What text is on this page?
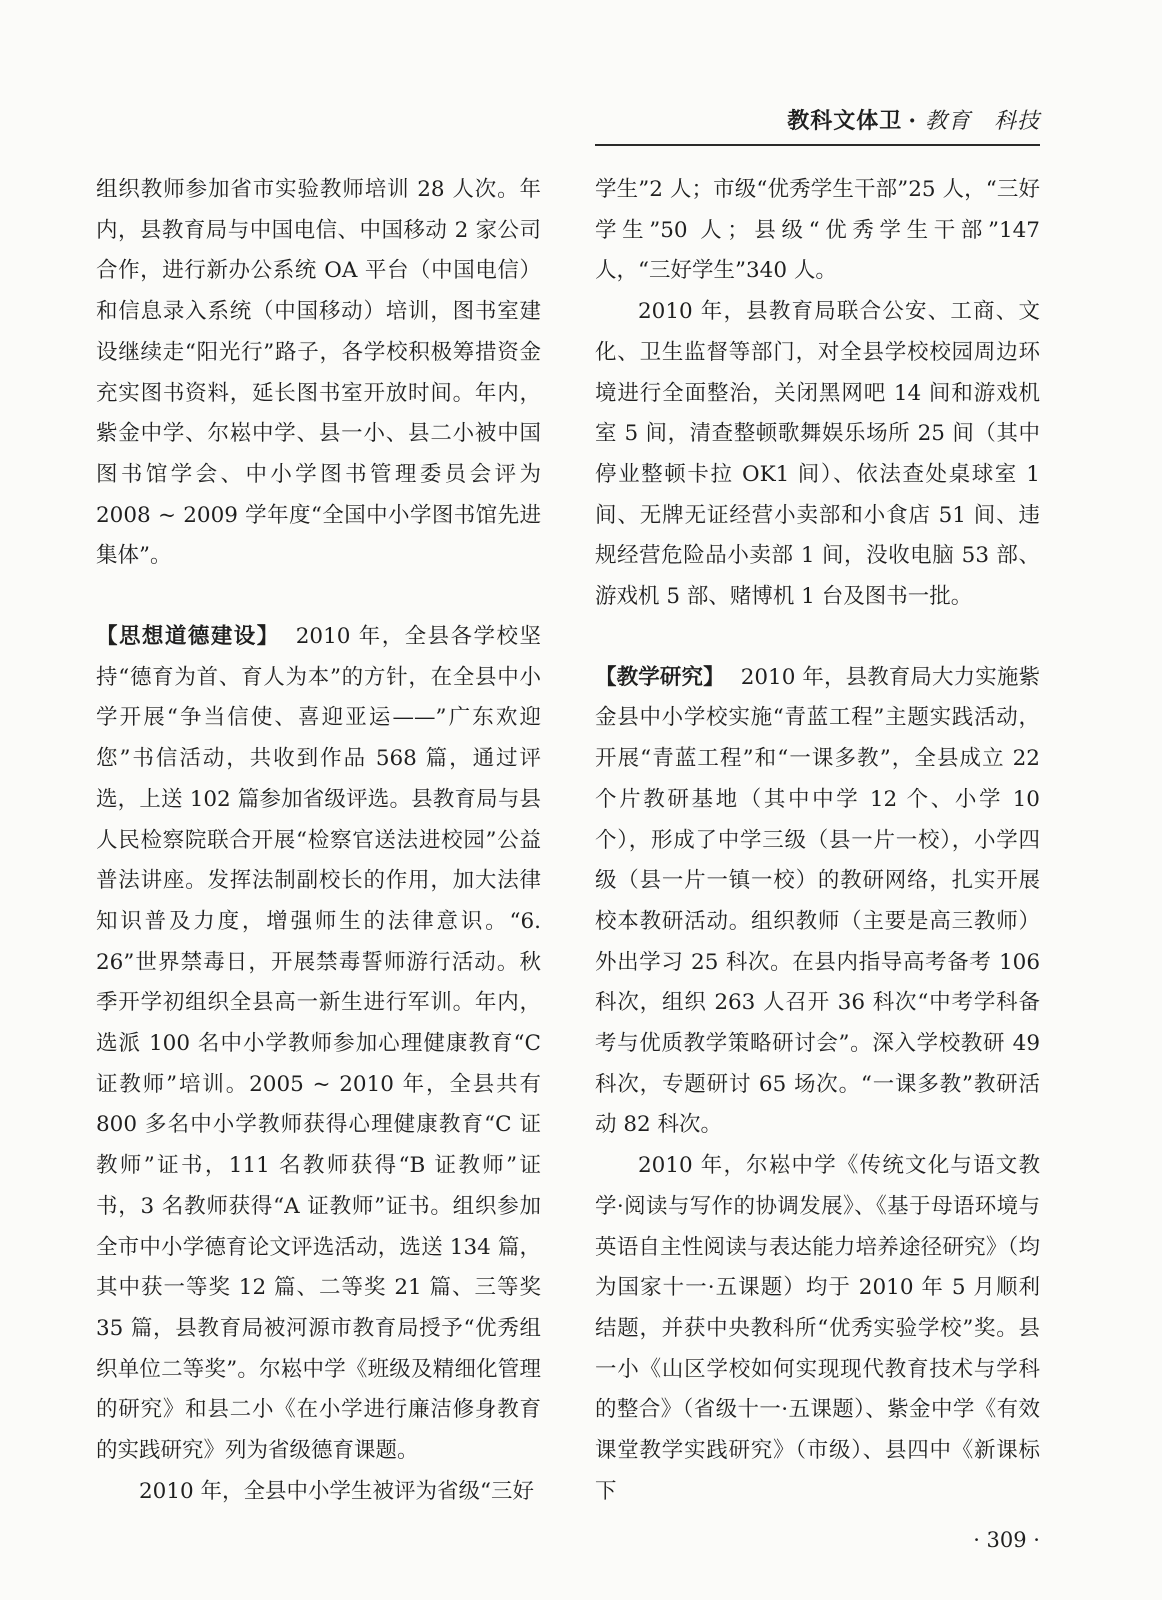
教科文体卫 · 教育　科技

组织教师参加省市实验教师培训 28 人次。年内，县教育局与中国电信、中国移动 2 家公司合作，进行新办公系统 OA 平台（中国电信）和信息录入系统（中国移动）培训，图书室建设继续走“阳光行”路子，各学校积极筹措资金充实图书资料，延长图书室开放时间。年内，紫金中学、尔崧中学、县一小、县二小被中国图书馆学会、中小学图书管理委员会评为 2008 ~ 2009 学年度“全国中小学图书馆先进集体”。

【思想道德建设】 2010 年，全县各学校坚持“德育为首、育人为本”的方针，在全县中小学开展“争当信使、喜迎亚运——”广东欢迎您”书信活动，共收到作品 568 篇，通过评选，上送 102 篇参加省级评选。县教育局与县人民检察院联合开展“检察官送法进校园”公益普法讲座。发挥法制副校长的作用，加大法律知识普及力度，增强师生的法律意识。“6. 26”世界禁毒日，开展禁毒誓师游行活动。秋季开学初组织全县高一新生进行军训。年内，选派 100 名中小学教师参加心理健康教育“C 证教师”培训。2005 ~ 2010 年，全县共有 800 多名中小学教师获得心理健康教育“C 证教师”证书，111 名教师获得“B 证教师”证书，3 名教师获得“A 证教师”证书。组织参加全市中小学德育论文评选活动，选送 134 篇，其中获一等奖 12 篇、二等奖 21 篇、三等奖 35 篇，县教育局被河源市教育局授予“优秀组织单位二等奖”。尔崧中学《班级及精细化管理的研究》和县二小《在小学进行廉洁修身教育的实践研究》列为省级德育课题。

2010 年，全县中小学生被评为省级“三好

学生”2 人；市级“优秀学生干部”25 人，“三好学生”50 人；县级“优秀学生干部”147 人，“三好学生”340 人。

2010 年，县教育局联合公安、工商、文化、卫生监督等部门，对全县学校校园周边环境进行全面整治，关闭黑网吧 14 间和游戏机室 5 间，清查整顿歌舞娱乐场所 25 间（其中停业整顿卡拉 OK1 间）、依法查处桌球室 1 间、无牌无证经营小卖部和小食店 51 间、违规经营危险品小卖部 1 间，没收电脑 53 部、游戏机 5 部、赌博机 1 台及图书一批。

【教学研究】 2010 年，县教育局大力实施紫金县中小学校实施“青蓝工程”主题实践活动，开展“青蓝工程”和“一课多教”，全县成立 22 个片教研基地（其中中学 12 个、小学 10 个），形成了中学三级（县一片一校），小学四级（县一片一镇一校）的教研网络，扎实开展校本教研活动。组织教师（主要是高三教师）外出学习 25 科次。在县内指导高考备考 106 科次，组织 263 人召开 36 科次“中考学科备考与优质教学策略研讨会”。深入学校教研 49 科次，专题研讨 65 场次。“一课多教”教研活动 82 科次。

2010 年，尔崧中学《传统文化与语文教学·阅读与写作的协调发展》、《基于母语环境与英语自主性阅读与表达能力培养途径研究》（均为国家十一·五课题）均于 2010 年 5 月顺利结题，并获中央教科所“优秀实验学校”奖。县一小《山区学校如何实现现代教育技术与学科的整合》（省级十一·五课题）、紫金中学《有效课堂教学实践研究》（市级）、县四中《新课标下

· 309 ·
